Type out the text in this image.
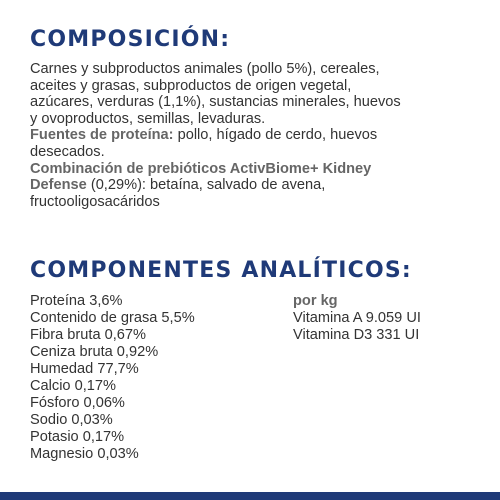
COMPOSICIÓN:

Carnes y subproductos animales (pollo 5%), cereales,
aceites y grasas, subproductos de origen vegetal,
azúcares, verduras (1,1%), sustancias minerales, huevos
y ovoproductos, semillas, levaduras.
Fuentes de proteína: pollo, hígado de cerdo, huevos
desecados.
Combinación de prebióticos ActivBiome+ Kidney
Defense (0,29%): betaína, salvado de avena,
fructooligosacáridos

COMPONENTES ANALÍTICOS:
Proteína 3,6%
Contenido de grasa 5,5%
Fibra bruta 0,67%
Ceniza bruta 0,92%
Humedad 77,7%
Calcio 0,17%
Fósforo 0,06%
Sodio 0,03%
Potasio 0,17%
Magnesio 0,03%
por kg
Vitamina A 9.059 UI
Vitamina D3 331 UI
